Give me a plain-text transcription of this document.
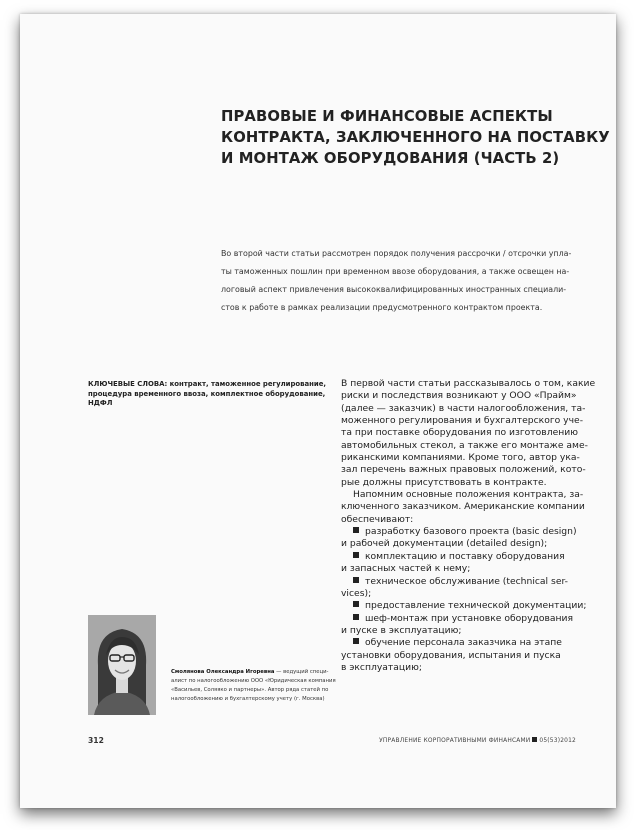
ПРАВОВЫЕ И ФИНАНСОВЫЕ АСПЕКТЫ
КОНТРАКТА, ЗАКЛЮЧЕННОГО НА ПОСТАВКУ
И МОНТАЖ ОБОРУДОВАНИЯ (ЧАСТЬ 2)
Во второй части статьи рассмотрен порядок получения рассрочки / отсрочки упла-
ты таможенных пошлин при временном ввозе оборудования, а также освещен на-
логовый аспект привлечения высококвалифицированных иностранных специали-
стов к работе в рамках реализации предусмотренного контрактом проекта.
КЛЮЧЕВЫЕ СЛОВА: контракт, таможенное регулирование,
процедура временного ввоза, комплектное оборудование,
НДФЛ
В первой части статьи рассказывалось о том, какие
риски и последствия возникают у ООО «Прайм»
(далее — заказчик) в части налогообложения, та-
моженного регулирования и бухгалтерского уче-
та при поставке оборудования по изготовлению
автомобильных стекол, а также его монтаже аме-
риканскими компаниями. Кроме того, автор ука-
зал перечень важных правовых положений, кото-
рые должны присутствовать в контракте.
Напомним основные положения контракта, за-
ключенного заказчиком. Американские компании
обеспечивают:
разработку базового проекта (basic design)
и рабочей документации (detailed design);
комплектацию и поставку оборудования
и запасных частей к нему;
техническое обслуживание (technical ser-
vices);
предоставление технической документации;
шеф-монтаж при установке оборудования
и пуске в эксплуатацию;
обучение персонала заказчика на этапе
установки оборудования, испытания и пуска
в эксплуатацию;
Смолянова Олександра Игоревна — ведущий специ-
алист по налогообложению ООО «Юридическая компания
«Васильев, Соляяко и партнеры». Автор ряда статей по
налогообложению и бухгалтерскому учету (г. Москва)
312	УПРАВЛЕНИЕ КОРПОРАТИВНЫМИ ФИНАНСАМИ 05(53)2012
